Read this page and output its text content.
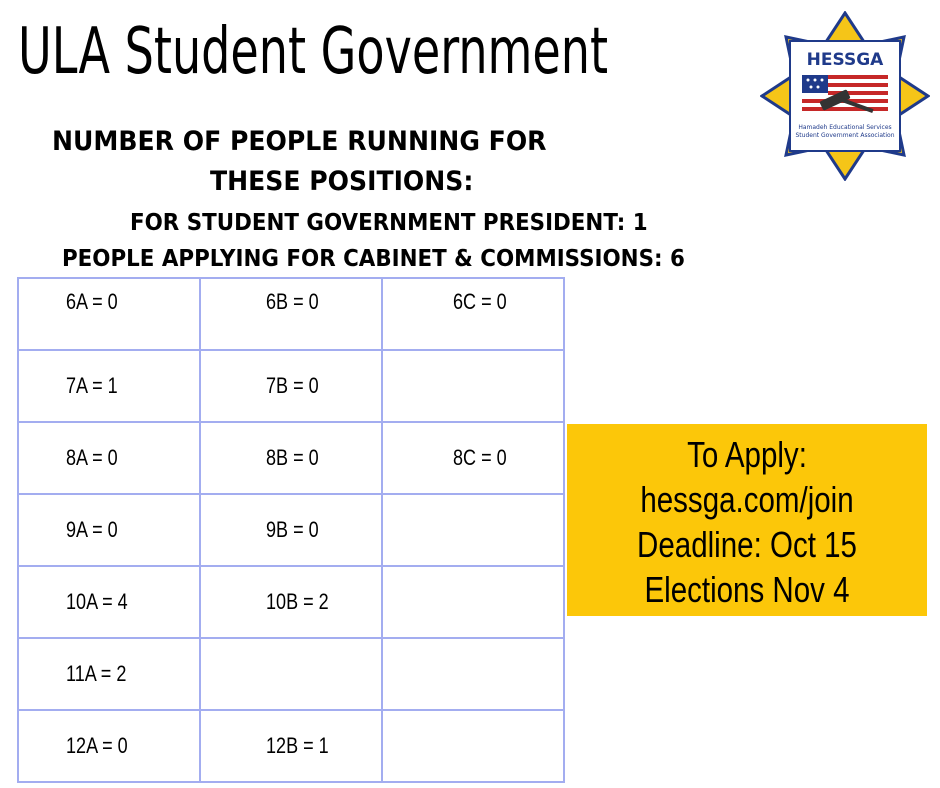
ULA Student Government
NUMBER OF PEOPLE RUNNING FOR
THESE POSITIONS:
FOR STUDENT GOVERNMENT PRESIDENT: 1
PEOPLE APPLYING FOR CABINET & COMMISSIONS: 6
HESSGA
Hamadeh Educational Services
Student Government Association
6A = 0	6B = 0	6C = 0
7A = 1	7B = 0	
8A = 0	8B = 0	8C = 0
9A = 0	9B = 0	
10A = 4	10B = 2	
11A = 2		
12A = 0	12B = 1	
To Apply:
hessga.com/join
Deadline: Oct 15
Elections Nov 4
